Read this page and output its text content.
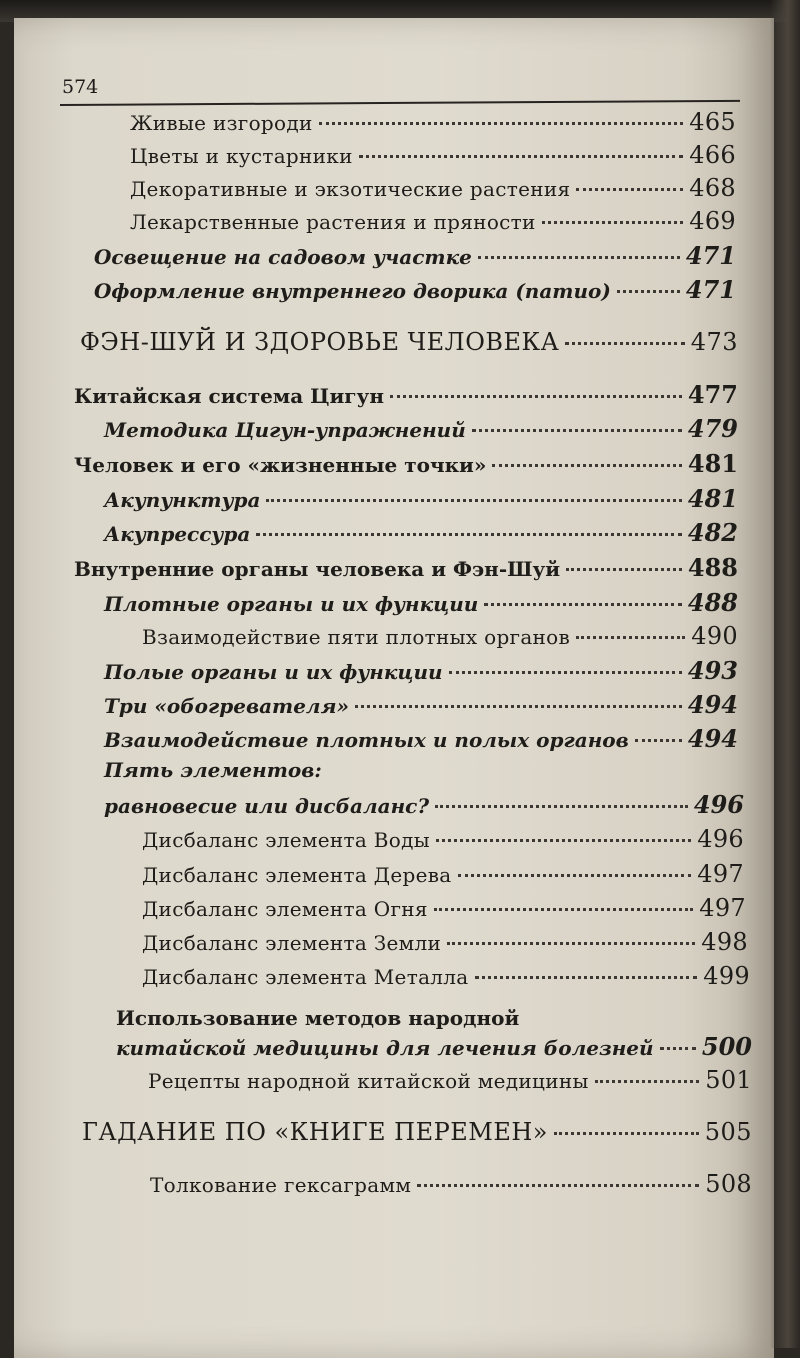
574
Живые изгороди	465
Цветы и кустарники	466
Декоративные и экзотические растения	468
Лекарственные растения и пряности	469
Освещение на садовом участке	471
Оформление внутреннего дворика (патио)	471
ФЭН-ШУЙ И ЗДОРОВЬЕ ЧЕЛОВЕКА	473
Китайская система Цигун	477
Методика Цигун-упражнений	479
Человек и его «жизненные точки»	481
Акупунктура	481
Акупрессура	482
Внутренние органы человека и Фэн-Шуй	488
Плотные органы и их функции	488
Взаимодействие пяти плотных органов	490
Полые органы и их функции	493
Три «обогревателя»	494
Взаимодействие плотных и полых органов 494
Пять элементов:
равновесие или дисбаланс?	496
Дисбаланс элемента Воды	496
Дисбаланс элемента Дерева	497
Дисбаланс элемента Огня	497
Дисбаланс элемента Земли	498
Дисбаланс элемента Металла	499
Использование методов народной
китайской медицины для лечения болезней 500
Рецепты народной китайской медицины	501
ГАДАНИЕ ПО «КНИГЕ ПЕРЕМЕН»	505
Толкование гексаграмм	508
